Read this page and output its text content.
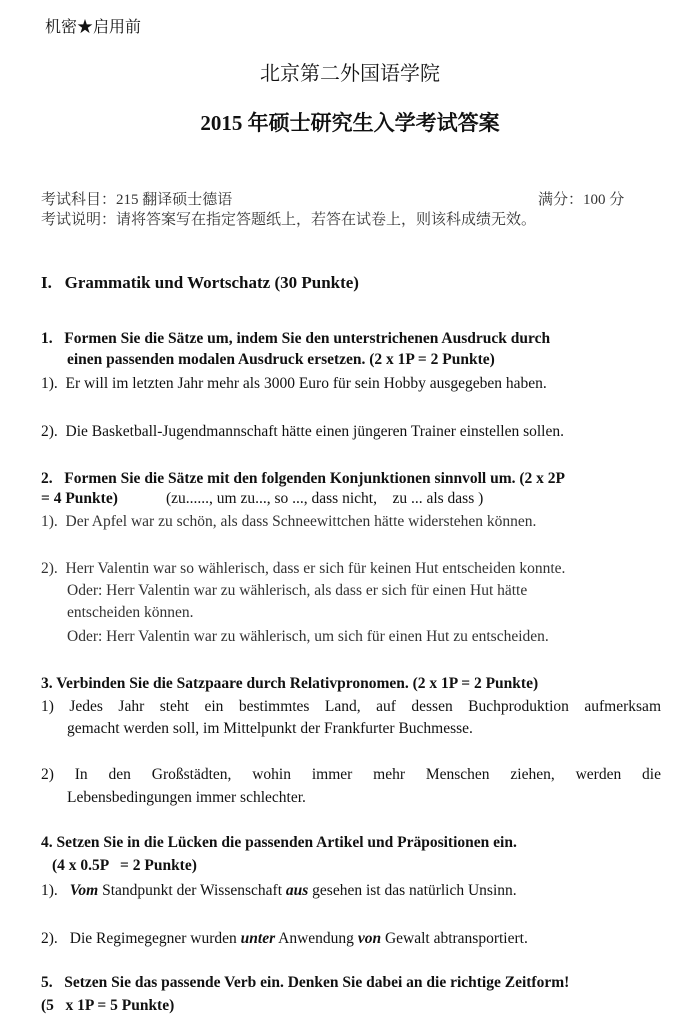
机密★启用前
北京第二外国语学院
2015 年硕士研究生入学考试答案
考试科目：215 翻译硕士德语	满分：100 分
考试说明：请将答案写在指定答题纸上，若答在试卷上，则该科成绩无效。
I.   Grammatik und Wortschatz (30 Punkte)
1.   Formen Sie die Sätze um, indem Sie den unterstrichenen Ausdruck durch
einen passenden modalen Ausdruck ersetzen. (2 x 1P = 2 Punkte)
1).  Er will im letzten Jahr mehr als 3000 Euro für sein Hobby ausgegeben haben.
2).  Die Basketball-Jugendmannschaft hätte einen jüngeren Trainer einstellen sollen.
2.   Formen Sie die Sätze mit den folgenden Konjunktionen sinnvoll um. (2 x 2P
= 4 Punkte)	(zu......, um zu..., so ..., dass nicht,    zu ... als dass )
1).  Der Apfel war zu schön, als dass Schneewittchen hätte widerstehen können.
2).  Herr Valentin war so wählerisch, dass er sich für keinen Hut entscheiden konnte.
Oder: Herr Valentin war zu wählerisch, als dass er sich für einen Hut hätte
entscheiden können.
Oder: Herr Valentin war zu wählerisch, um sich für einen Hut zu entscheiden.
3. Verbinden Sie die Satzpaare durch Relativpronomen. (2 x 1P = 2 Punkte)
1) Jedes Jahr steht ein bestimmtes Land, auf dessen Buchproduktion aufmerksam
gemacht werden soll, im Mittelpunkt der Frankfurter Buchmesse.
2) In den Großstädten, wohin immer mehr Menschen ziehen, werden die
Lebensbedingungen immer schlechter.
4. Setzen Sie in die Lücken die passenden Artikel und Präpositionen ein.
(4 x 0.5P   = 2 Punkte)
1). Vom Standpunkt der Wissenschaft aus gesehen ist das natürlich Unsinn.
2). Die Regimegegner wurden unter Anwendung von Gewalt abtransportiert.
5.   Setzen Sie das passende Verb ein. Denken Sie dabei an die richtige Zeitform!
(5   x 1P = 5 Punkte)
